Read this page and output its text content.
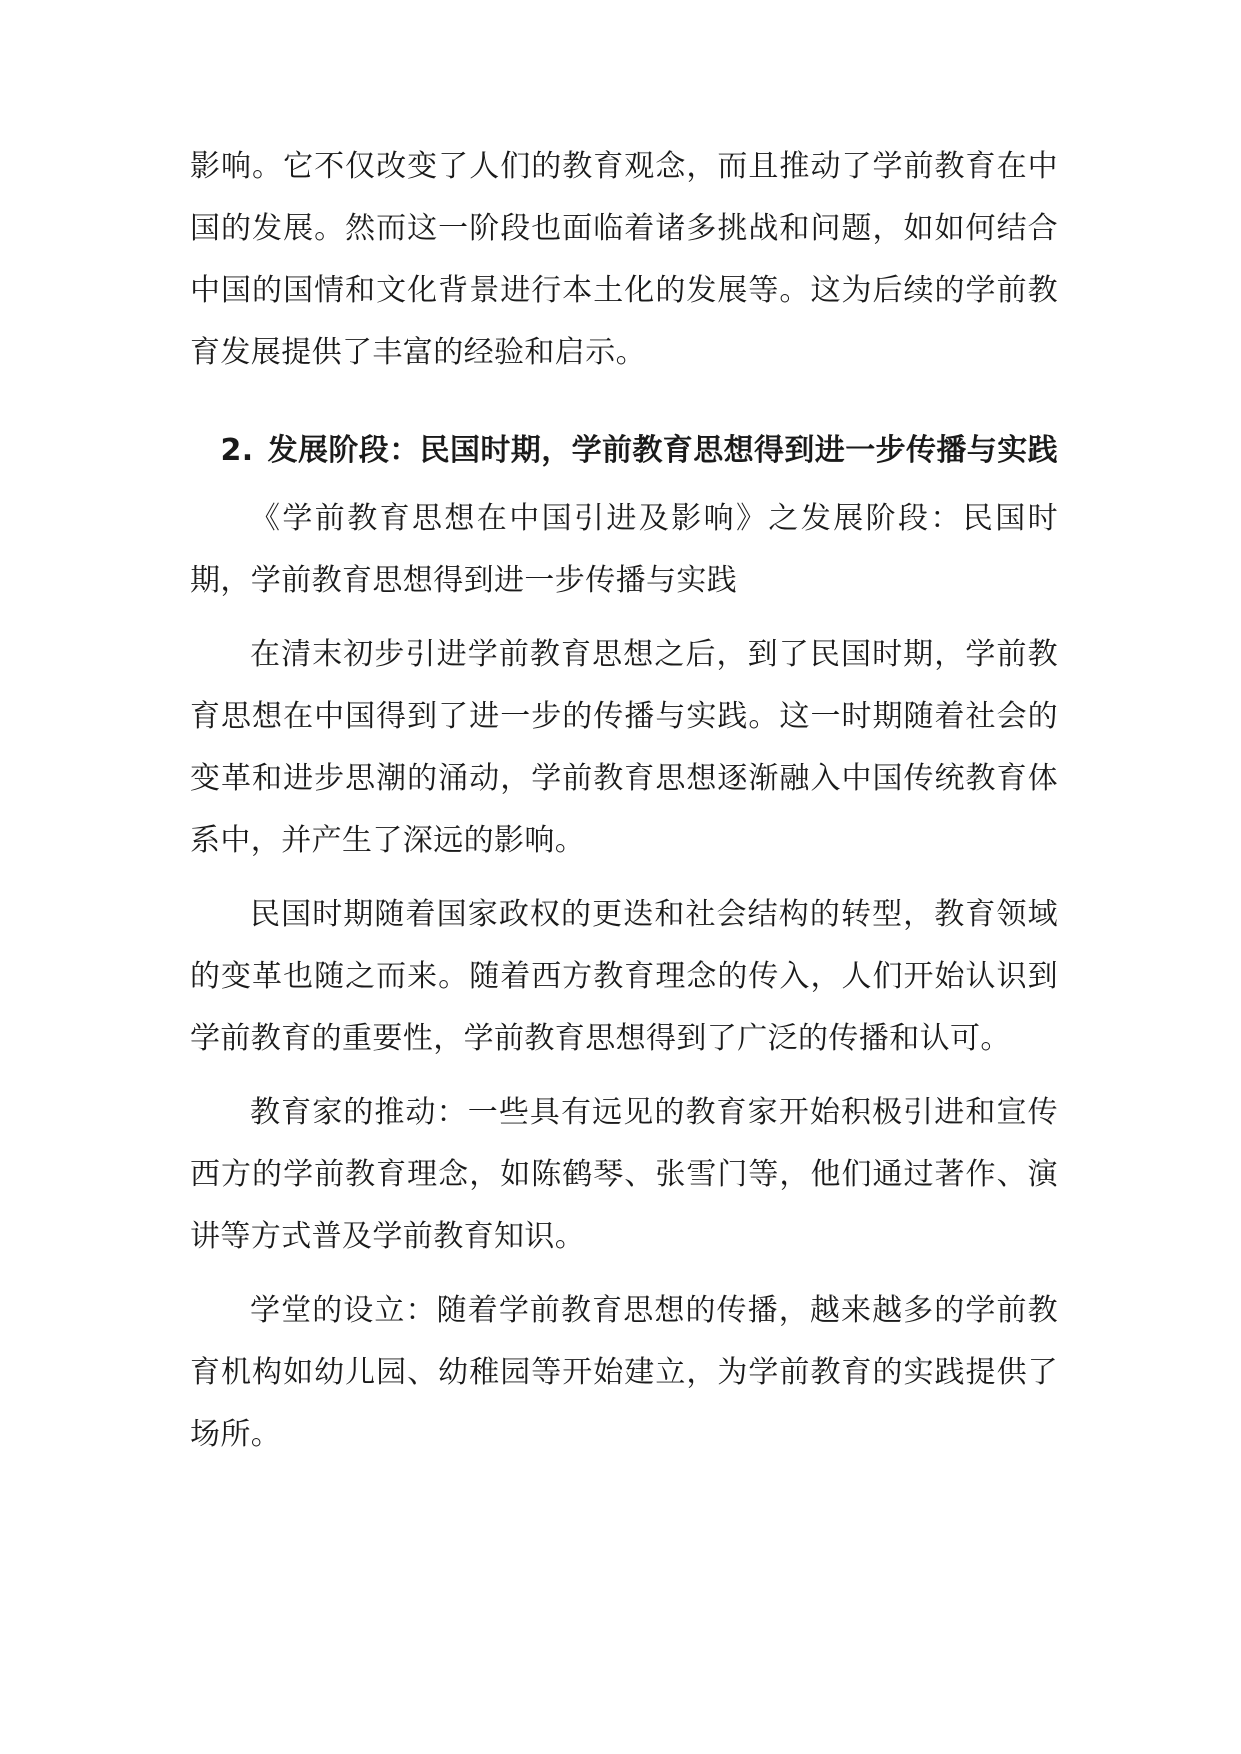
影响。它不仅改变了人们的教育观念，而且推动了学前教育在中国的发展。然而这一阶段也面临着诸多挑战和问题，如如何结合中国的国情和文化背景进行本土化的发展等。这为后续的学前教育发展提供了丰富的经验和启示。

2. 发展阶段：民国时期，学前教育思想得到进一步传播与实践

《学前教育思想在中国引进及影响》之发展阶段：民国时期，学前教育思想得到进一步传播与实践

在清末初步引进学前教育思想之后，到了民国时期，学前教育思想在中国得到了进一步的传播与实践。这一时期随着社会的变革和进步思潮的涌动，学前教育思想逐渐融入中国传统教育体系中，并产生了深远的影响。

民国时期随着国家政权的更迭和社会结构的转型，教育领域的变革也随之而来。随着西方教育理念的传入，人们开始认识到学前教育的重要性，学前教育思想得到了广泛的传播和认可。

教育家的推动：一些具有远见的教育家开始积极引进和宣传西方的学前教育理念，如陈鹤琴、张雪门等，他们通过著作、演讲等方式普及学前教育知识。

学堂的设立：随着学前教育思想的传播，越来越多的学前教育机构如幼儿园、幼稚园等开始建立，为学前教育的实践提供了场所。
